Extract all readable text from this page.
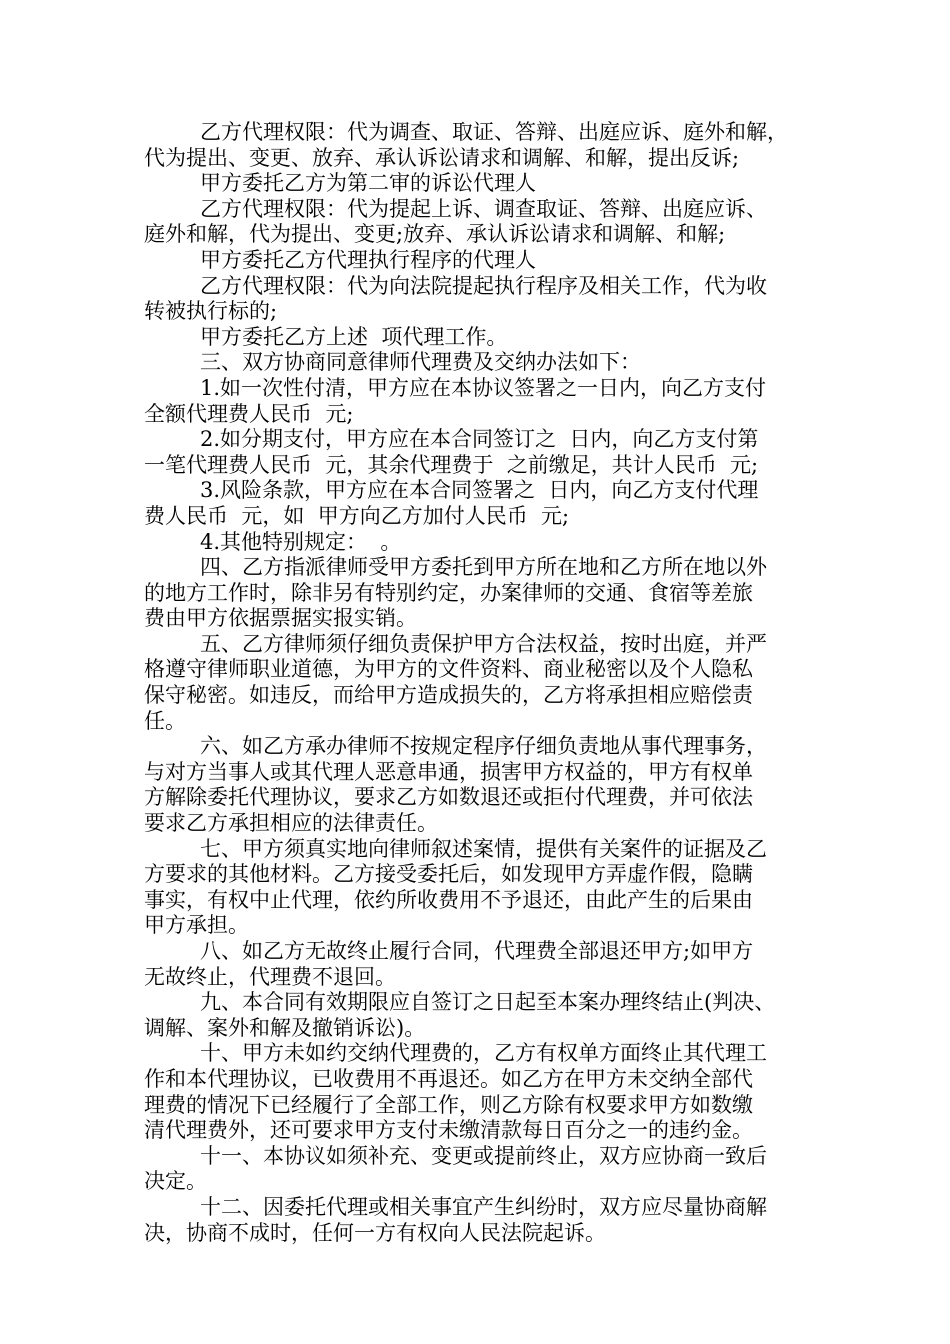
乙方代理权限：代为调查、取证、答辩、出庭应诉、庭外和解，
代为提出、变更、放弃、承认诉讼请求和调解、和解，提出反诉;
甲方委托乙方为第二审的诉讼代理人
乙方代理权限：代为提起上诉、调查取证、答辩、出庭应诉、
庭外和解，代为提出、变更;放弃、承认诉讼请求和调解、和解;
甲方委托乙方代理执行程序的代理人
乙方代理权限：代为向法院提起执行程序及相关工作，代为收
转被执行标的;
甲方委托乙方上述  项代理工作。
三、双方协商同意律师代理费及交纳办法如下：
1.如一次性付清，甲方应在本协议签署之一日内，向乙方支付
全额代理费人民币  元;
2.如分期支付，甲方应在本合同签订之  日内，向乙方支付第
一笔代理费人民币  元，其余代理费于  之前缴足，共计人民币  元;
3.风险条款，甲方应在本合同签署之  日内，向乙方支付代理
费人民币  元，如  甲方向乙方加付人民币  元;
4.其他特别规定：  。
四、乙方指派律师受甲方委托到甲方所在地和乙方所在地以外
的地方工作时，除非另有特别约定，办案律师的交通、食宿等差旅
费由甲方依据票据实报实销。
五、乙方律师须仔细负责保护甲方合法权益，按时出庭，并严
格遵守律师职业道德，为甲方的文件资料、商业秘密以及个人隐私
保守秘密。如违反，而给甲方造成损失的，乙方将承担相应赔偿责
任。
六、如乙方承办律师不按规定程序仔细负责地从事代理事务，
与对方当事人或其代理人恶意串通，损害甲方权益的，甲方有权单
方解除委托代理协议，要求乙方如数退还或拒付代理费，并可依法
要求乙方承担相应的法律责任。
七、甲方须真实地向律师叙述案情，提供有关案件的证据及乙
方要求的其他材料。乙方接受委托后，如发现甲方弄虚作假，隐瞒
事实，有权中止代理，依约所收费用不予退还，由此产生的后果由
甲方承担。
八、如乙方无故终止履行合同，代理费全部退还甲方;如甲方
无故终止，代理费不退回。
九、本合同有效期限应自签订之日起至本案办理终结止(判决、
调解、案外和解及撤销诉讼)。
十、甲方未如约交纳代理费的，乙方有权单方面终止其代理工
作和本代理协议，已收费用不再退还。如乙方在甲方未交纳全部代
理费的情况下已经履行了全部工作，则乙方除有权要求甲方如数缴
清代理费外，还可要求甲方支付未缴清款每日百分之一的违约金。
十一、本协议如须补充、变更或提前终止，双方应协商一致后
决定。
十二、因委托代理或相关事宜产生纠纷时，双方应尽量协商解
决，协商不成时，任何一方有权向人民法院起诉。
